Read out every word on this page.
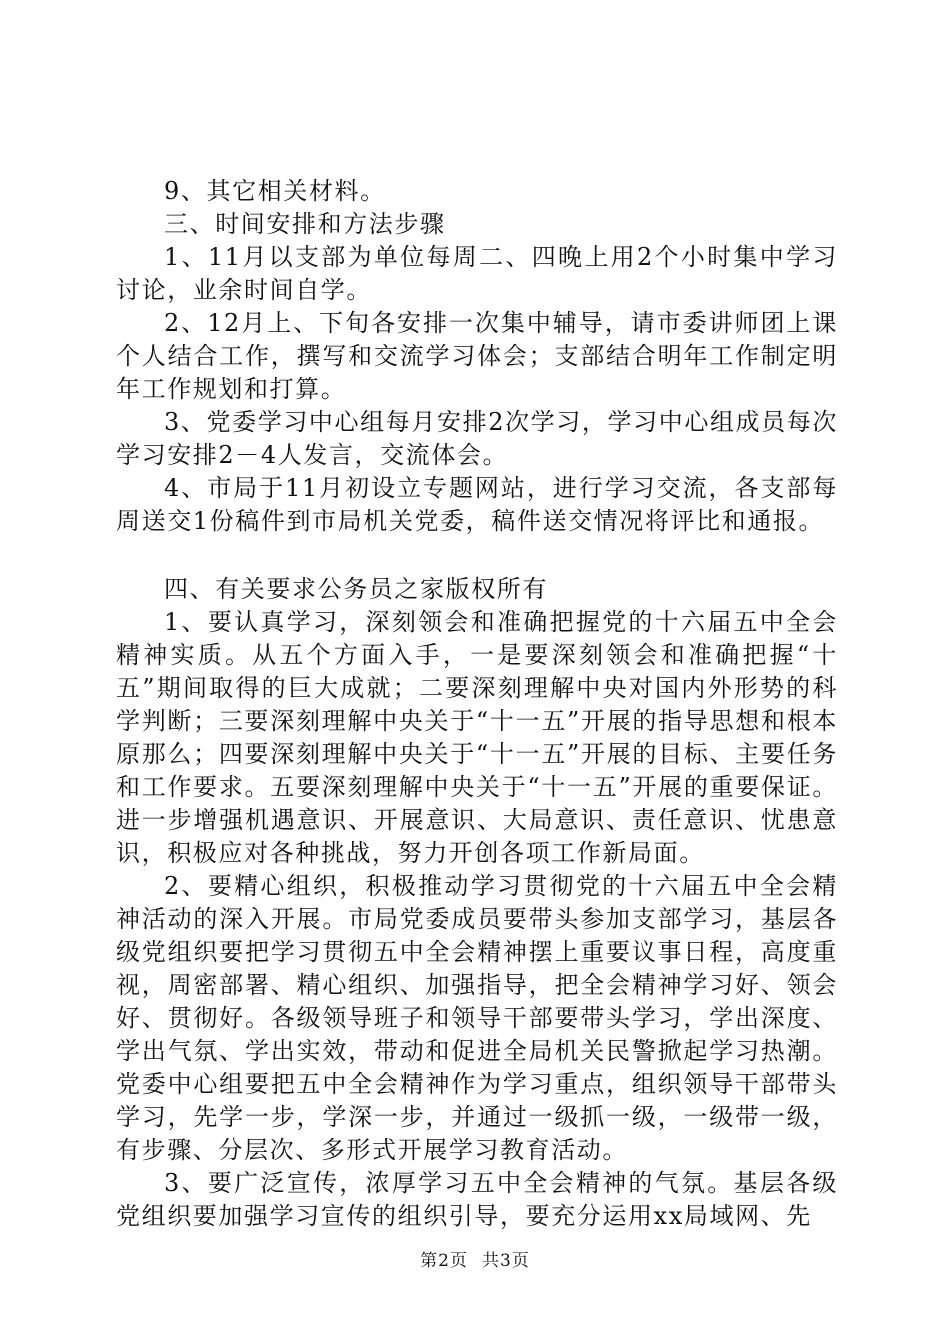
9、其它相关材料。

三、时间安排和方法步骤

1、11月以支部为单位每周二、四晚上用2个小时集中学习讨论，业余时间自学。

2、12月上、下旬各安排一次集中辅导，请市委讲师团上课个人结合工作，撰写和交流学习体会；支部结合明年工作制定明年工作规划和打算。

3、党委学习中心组每月安排2次学习，学习中心组成员每次学习安排2－4人发言，交流体会。

4、市局于11月初设立专题网站，进行学习交流，各支部每周送交1份稿件到市局机关党委，稿件送交情况将评比和通报。

四、有关要求公务员之家版权所有

1、要认真学习，深刻领会和准确把握党的十六届五中全会精神实质。从五个方面入手，一是要深刻领会和准确把握“十五”期间取得的巨大成就；二要深刻理解中央对国内外形势的科学判断；三要深刻理解中央关于“十一五”开展的指导思想和根本原那么；四要深刻理解中央关于“十一五”开展的目标、主要任务和工作要求。五要深刻理解中央关于“十一五”开展的重要保证。进一步增强机遇意识、开展意识、大局意识、责任意识、忧患意识，积极应对各种挑战，努力开创各项工作新局面。

2、要精心组织，积极推动学习贯彻党的十六届五中全会精神活动的深入开展。市局党委成员要带头参加支部学习，基层各级党组织要把学习贯彻五中全会精神摆上重要议事日程，高度重视，周密部署、精心组织、加强指导，把全会精神学习好、领会好、贯彻好。各级领导班子和领导干部要带头学习，学出深度、学出气氛、学出实效，带动和促进全局机关民警掀起学习热潮。党委中心组要把五中全会精神作为学习重点，组织领导干部带头学习，先学一步，学深一步，并通过一级抓一级，一级带一级，有步骤、分层次、多形式开展学习教育活动。

3、要广泛宣传，浓厚学习五中全会精神的气氛。基层各级党组织要加强学习宣传的组织引导，要充分运用xx局域网、先

第2页 共3页
